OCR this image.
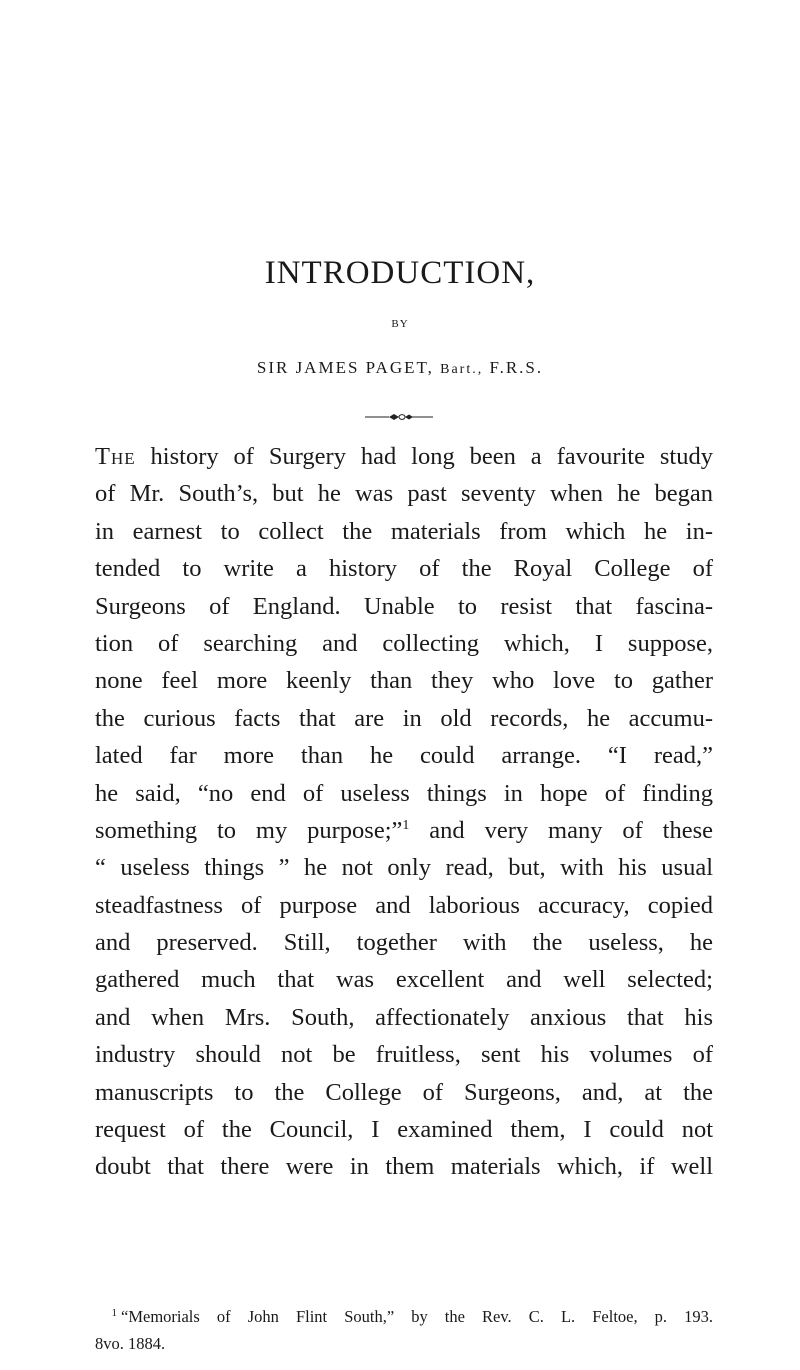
INTRODUCTION,
BY
SIR JAMES PAGET, Bart., F.R.S.
The history of Surgery had long been a favourite study
of Mr. South’s, but he was past seventy when he began
in earnest to collect the materials from which he in-
tended to write a history of the Royal College of
Surgeons of England. Unable to resist that fascina-
tion of searching and collecting which, I suppose,
none feel more keenly than they who love to gather
the curious facts that are in old records, he accumu-
lated far more than he could arrange. “I read,”
he said, “no end of useless things in hope of finding
something to my purpose;”$^1$ and very many of these
“ useless things ” he not only read, but, with his usual
steadfastness of purpose and laborious accuracy, copied
and preserved. Still, together with the useless, he
gathered much that was excellent and well selected;
and when Mrs. South, affectionately anxious that his
industry should not be fruitless, sent his volumes of
manuscripts to the College of Surgeons, and, at the
request of the Council, I examined them, I could not
doubt that there were in them materials which, if well
 $^1$ “Memorials of John Flint South,” by the Rev. C. L. Feltoe, p. 193.
8vo. 1884.
